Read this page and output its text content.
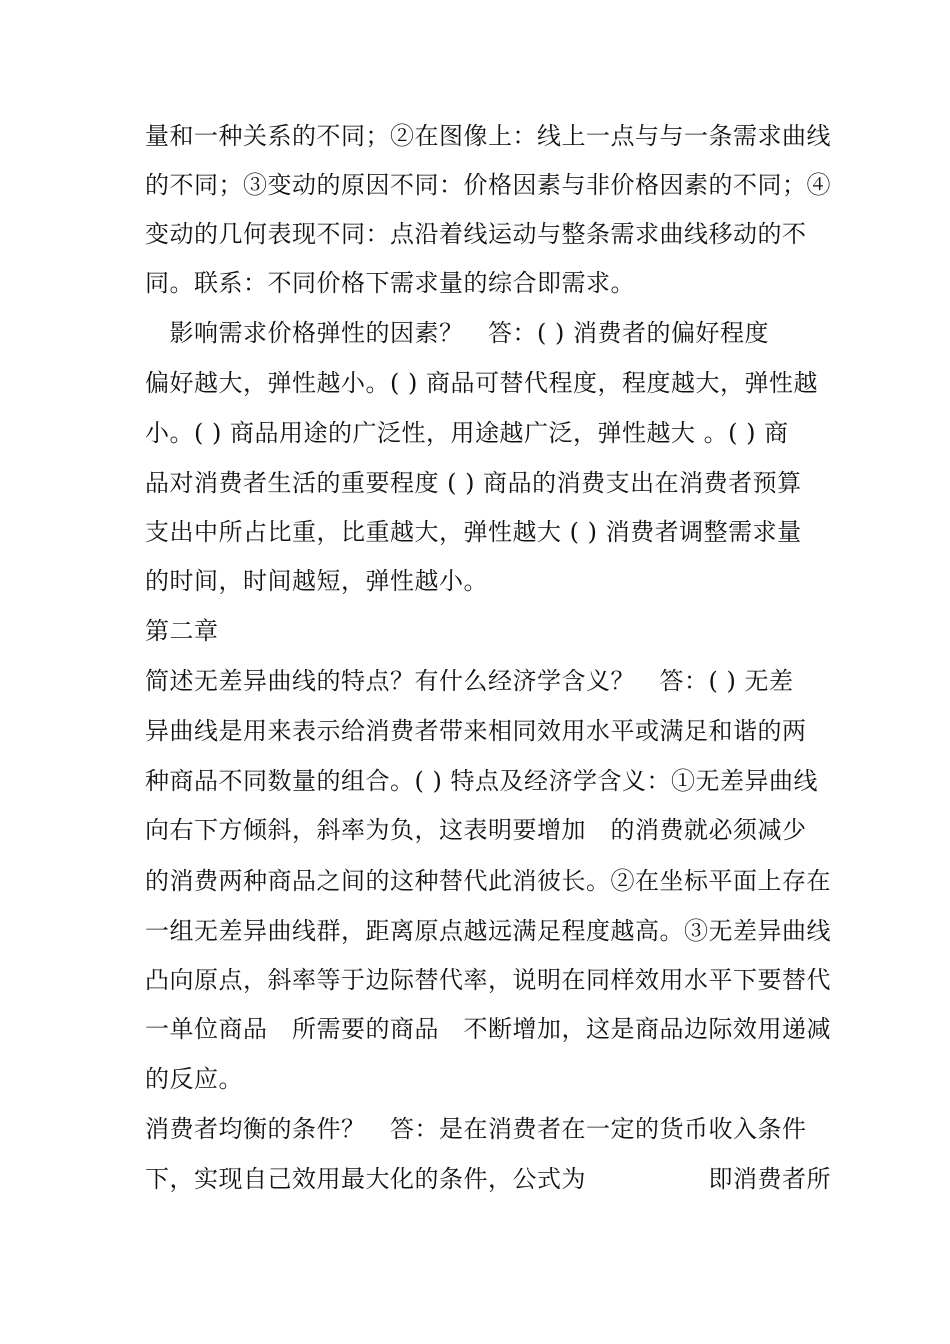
量和一种关系的不同；②在图像上：线上一点与与一条需求曲线
的不同；③变动的原因不同：价格因素与非价格因素的不同；④
变动的几何表现不同：点沿着线运动与整条需求曲线移动的不
同。联系：不同价格下需求量的综合即需求。
　影响需求价格弹性的因素？　答：( ) 消费者的偏好程度
偏好越大，弹性越小。( ) 商品可替代程度，程度越大，弹性越
小。( ) 商品用途的广泛性，用途越广泛，弹性越大 。( ) 商
品对消费者生活的重要程度 ( ) 商品的消费支出在消费者预算
支出中所占比重，比重越大，弹性越大 ( ) 消费者调整需求量
的时间，时间越短，弹性越小。
第二章
简述无差异曲线的特点？有什么经济学含义？　答：( ) 无差
异曲线是用来表示给消费者带来相同效用水平或满足和谐的两
种商品不同数量的组合。( ) 特点及经济学含义：①无差异曲线
向右下方倾斜，斜率为负，这表明要增加　的消费就必须减少
的消费两种商品之间的这种替代此消彼长。②在坐标平面上存在
一组无差异曲线群，距离原点越远满足程度越高。③无差异曲线
凸向原点，斜率等于边际替代率，说明在同样效用水平下要替代
一单位商品　所需要的商品　不断增加，这是商品边际效用递减
的反应。
消费者均衡的条件？　答：是在消费者在一定的货币收入条件
下，实现自己效用最大化的条件，公式为　　　　　即消费者所
